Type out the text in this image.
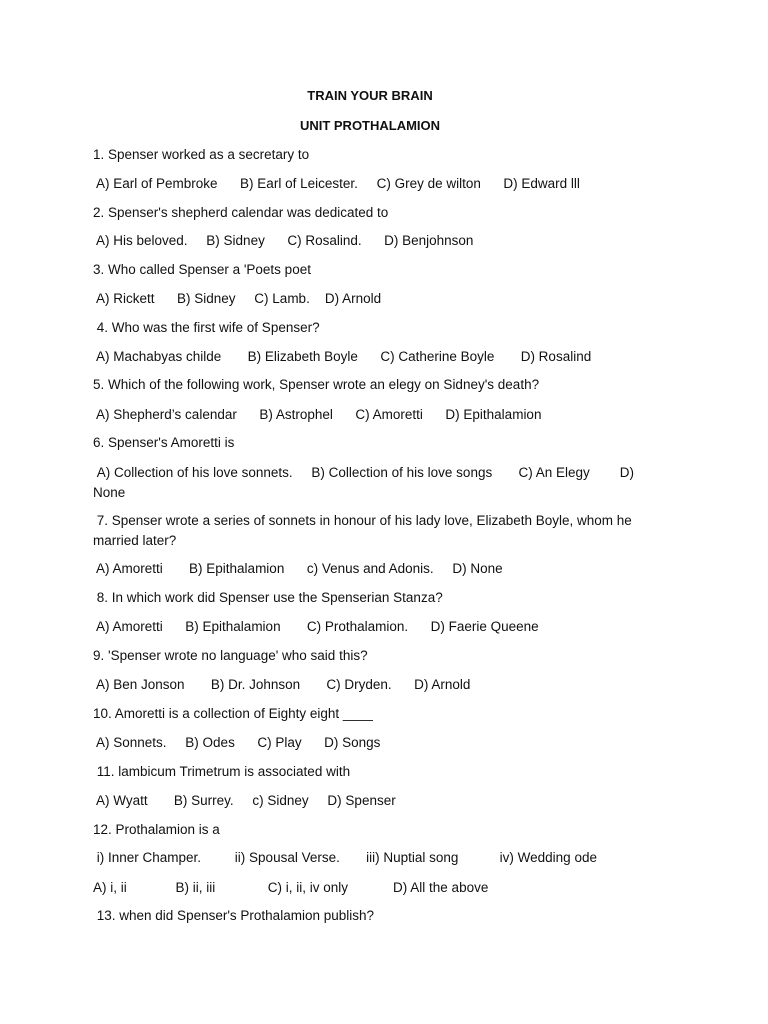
TRAIN YOUR BRAIN

UNIT PROTHALAMION

1. Spenser worked as a secretary to

A) Earl of Pembroke      B) Earl of Leicester.     C) Grey de wilton      D) Edward lll

2. Spenser's shepherd calendar was dedicated to

A) His beloved.     B) Sidney      C) Rosalind.      D) Benjohnson

3. Who called Spenser a 'Poets poet

A) Rickett      B) Sidney     C) Lamb.    D) Arnold

4. Who was the first wife of Spenser?

A) Machabyas childe       B) Elizabeth Boyle      C) Catherine Boyle       D) Rosalind

5. Which of the following work, Spenser wrote an elegy on Sidney's death?

A) Shepherd’s calendar      B) Astrophel      C) Amoretti      D) Epithalamion

6. Spenser's Amoretti is

A) Collection of his love sonnets.     B) Collection of his love songs       C) An Elegy        D)
None

7. Spenser wrote a series of sonnets in honour of his lady love, Elizabeth Boyle, whom he
married later?

A) Amoretti       B) Epithalamion      c) Venus and Adonis.     D) None

8. In which work did Spenser use the Spenserian Stanza?

A) Amoretti      B) Epithalamion       C) Prothalamion.      D) Faerie Queene

9. 'Spenser wrote no language' who said this?

A) Ben Jonson       B) Dr. Johnson       C) Dryden.      D) Arnold

10. Amoretti is a collection of Eighty eight ____

A) Sonnets.     B) Odes      C) Play      D) Songs

11. lambicum Trimetrum is associated with

A) Wyatt       B) Surrey.     c) Sidney     D) Spenser

12. Prothalamion is a

i) Inner Champer.         ii) Spousal Verse.       iii) Nuptial song           iv) Wedding ode

A) i, ii             B) ii, iii              C) i, ii, iv only            D) All the above

13. when did Spenser's Prothalamion publish?
